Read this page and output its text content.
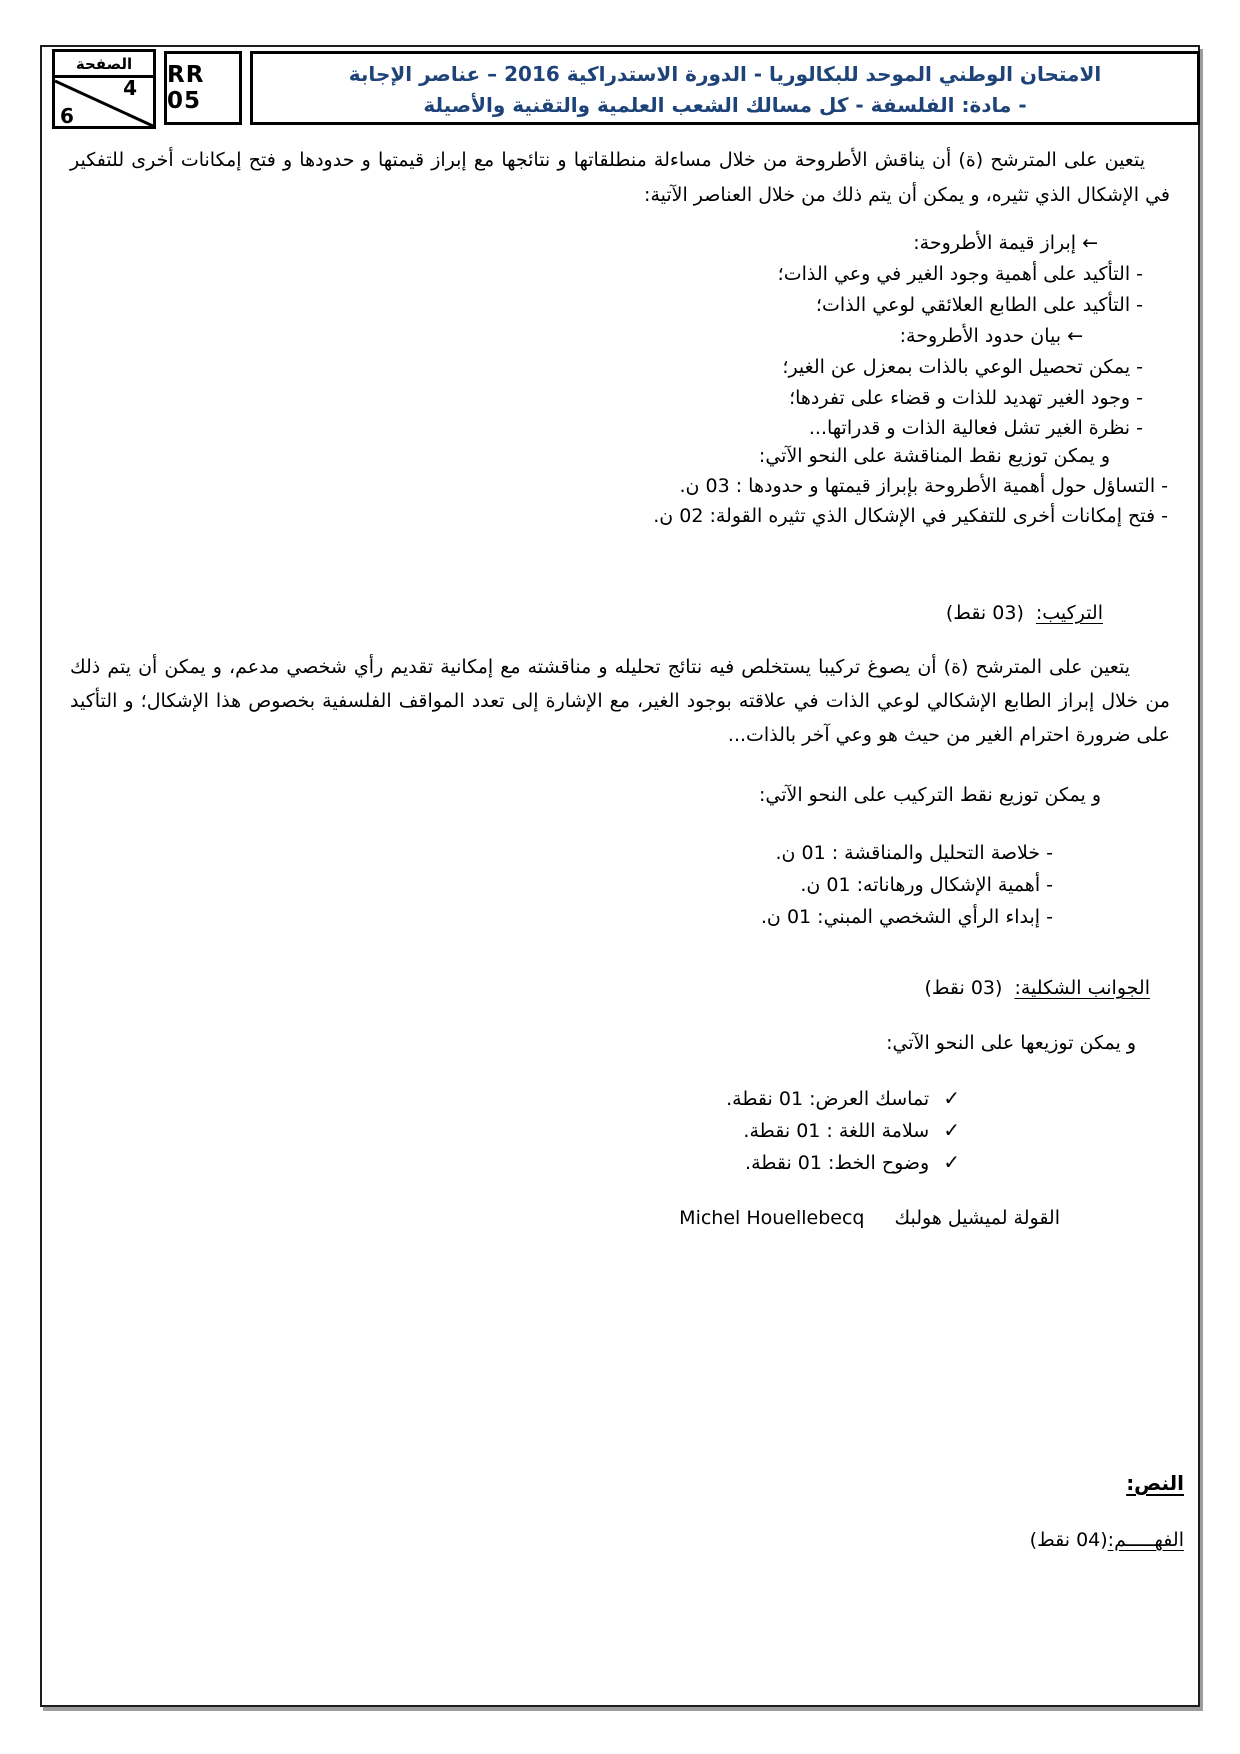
الصفحة
4
6
RR 05
الامتحان الوطني الموحد للبكالوريا - الدورة الاستدراكية 2016 – عناصر الإجابة
- مادة: الفلسفة - كل مسالك الشعب العلمية والتقنية والأصيلة
يتعين على المترشح (ة) أن يناقش الأطروحة من خلال مساءلة منطلقاتها و نتائجها مع إبراز قيمتها و حدودها و فتح إمكانات أخرى للتفكير في الإشكال الذي تثيره، و يمكن أن يتم ذلك من خلال العناصر الآتية:
← إبراز قيمة الأطروحة:
- التأكيد على أهمية وجود الغير في وعي الذات؛
- التأكيد على الطابع العلائقي لوعي الذات؛
← بيان حدود الأطروحة:
- يمكن تحصيل الوعي بالذات بمعزل عن الغير؛
- وجود الغير تهديد للذات و قضاء على تفردها؛
- نظرة الغير تشل فعالية الذات و قدراتها...
و يمكن توزيع نقط المناقشة على النحو الآتي:
- التساؤل حول أهمية الأطروحة بإبراز قيمتها و حدودها : 03 ن.
- فتح إمكانات أخرى للتفكير في الإشكال الذي تثيره القولة: 02 ن.
التركيب:(03 نقط)
يتعين على المترشح (ة) أن يصوغ تركيبا يستخلص فيه نتائج تحليله و مناقشته مع إمكانية تقديم رأي شخصي مدعم، و يمكن أن يتم ذلك من خلال إبراز الطابع الإشكالي لوعي الذات في علاقته بوجود الغير، مع الإشارة إلى تعدد المواقف الفلسفية بخصوص هذا الإشكال؛ و التأكيد على ضرورة احترام الغير من حيث هو وعي آخر بالذات...
و يمكن توزيع نقط التركيب على النحو الآتي:
- خلاصة التحليل والمناقشة : 01 ن.
- أهمية الإشكال ورهاناته: 01 ن.
- إبداء الرأي الشخصي المبني: 01 ن.
الجوانب الشكلية:(03 نقط)
و يمكن توزيعها على النحو الآتي:
✓تماسك العرض: 01 نقطة.
✓سلامة اللغة : 01 نقطة.
✓وضوح الخط: 01 نقطة.
القولة لميشيل هولبكMichel Houellebecq
النص:
الفهـــــم:(04 نقط)
